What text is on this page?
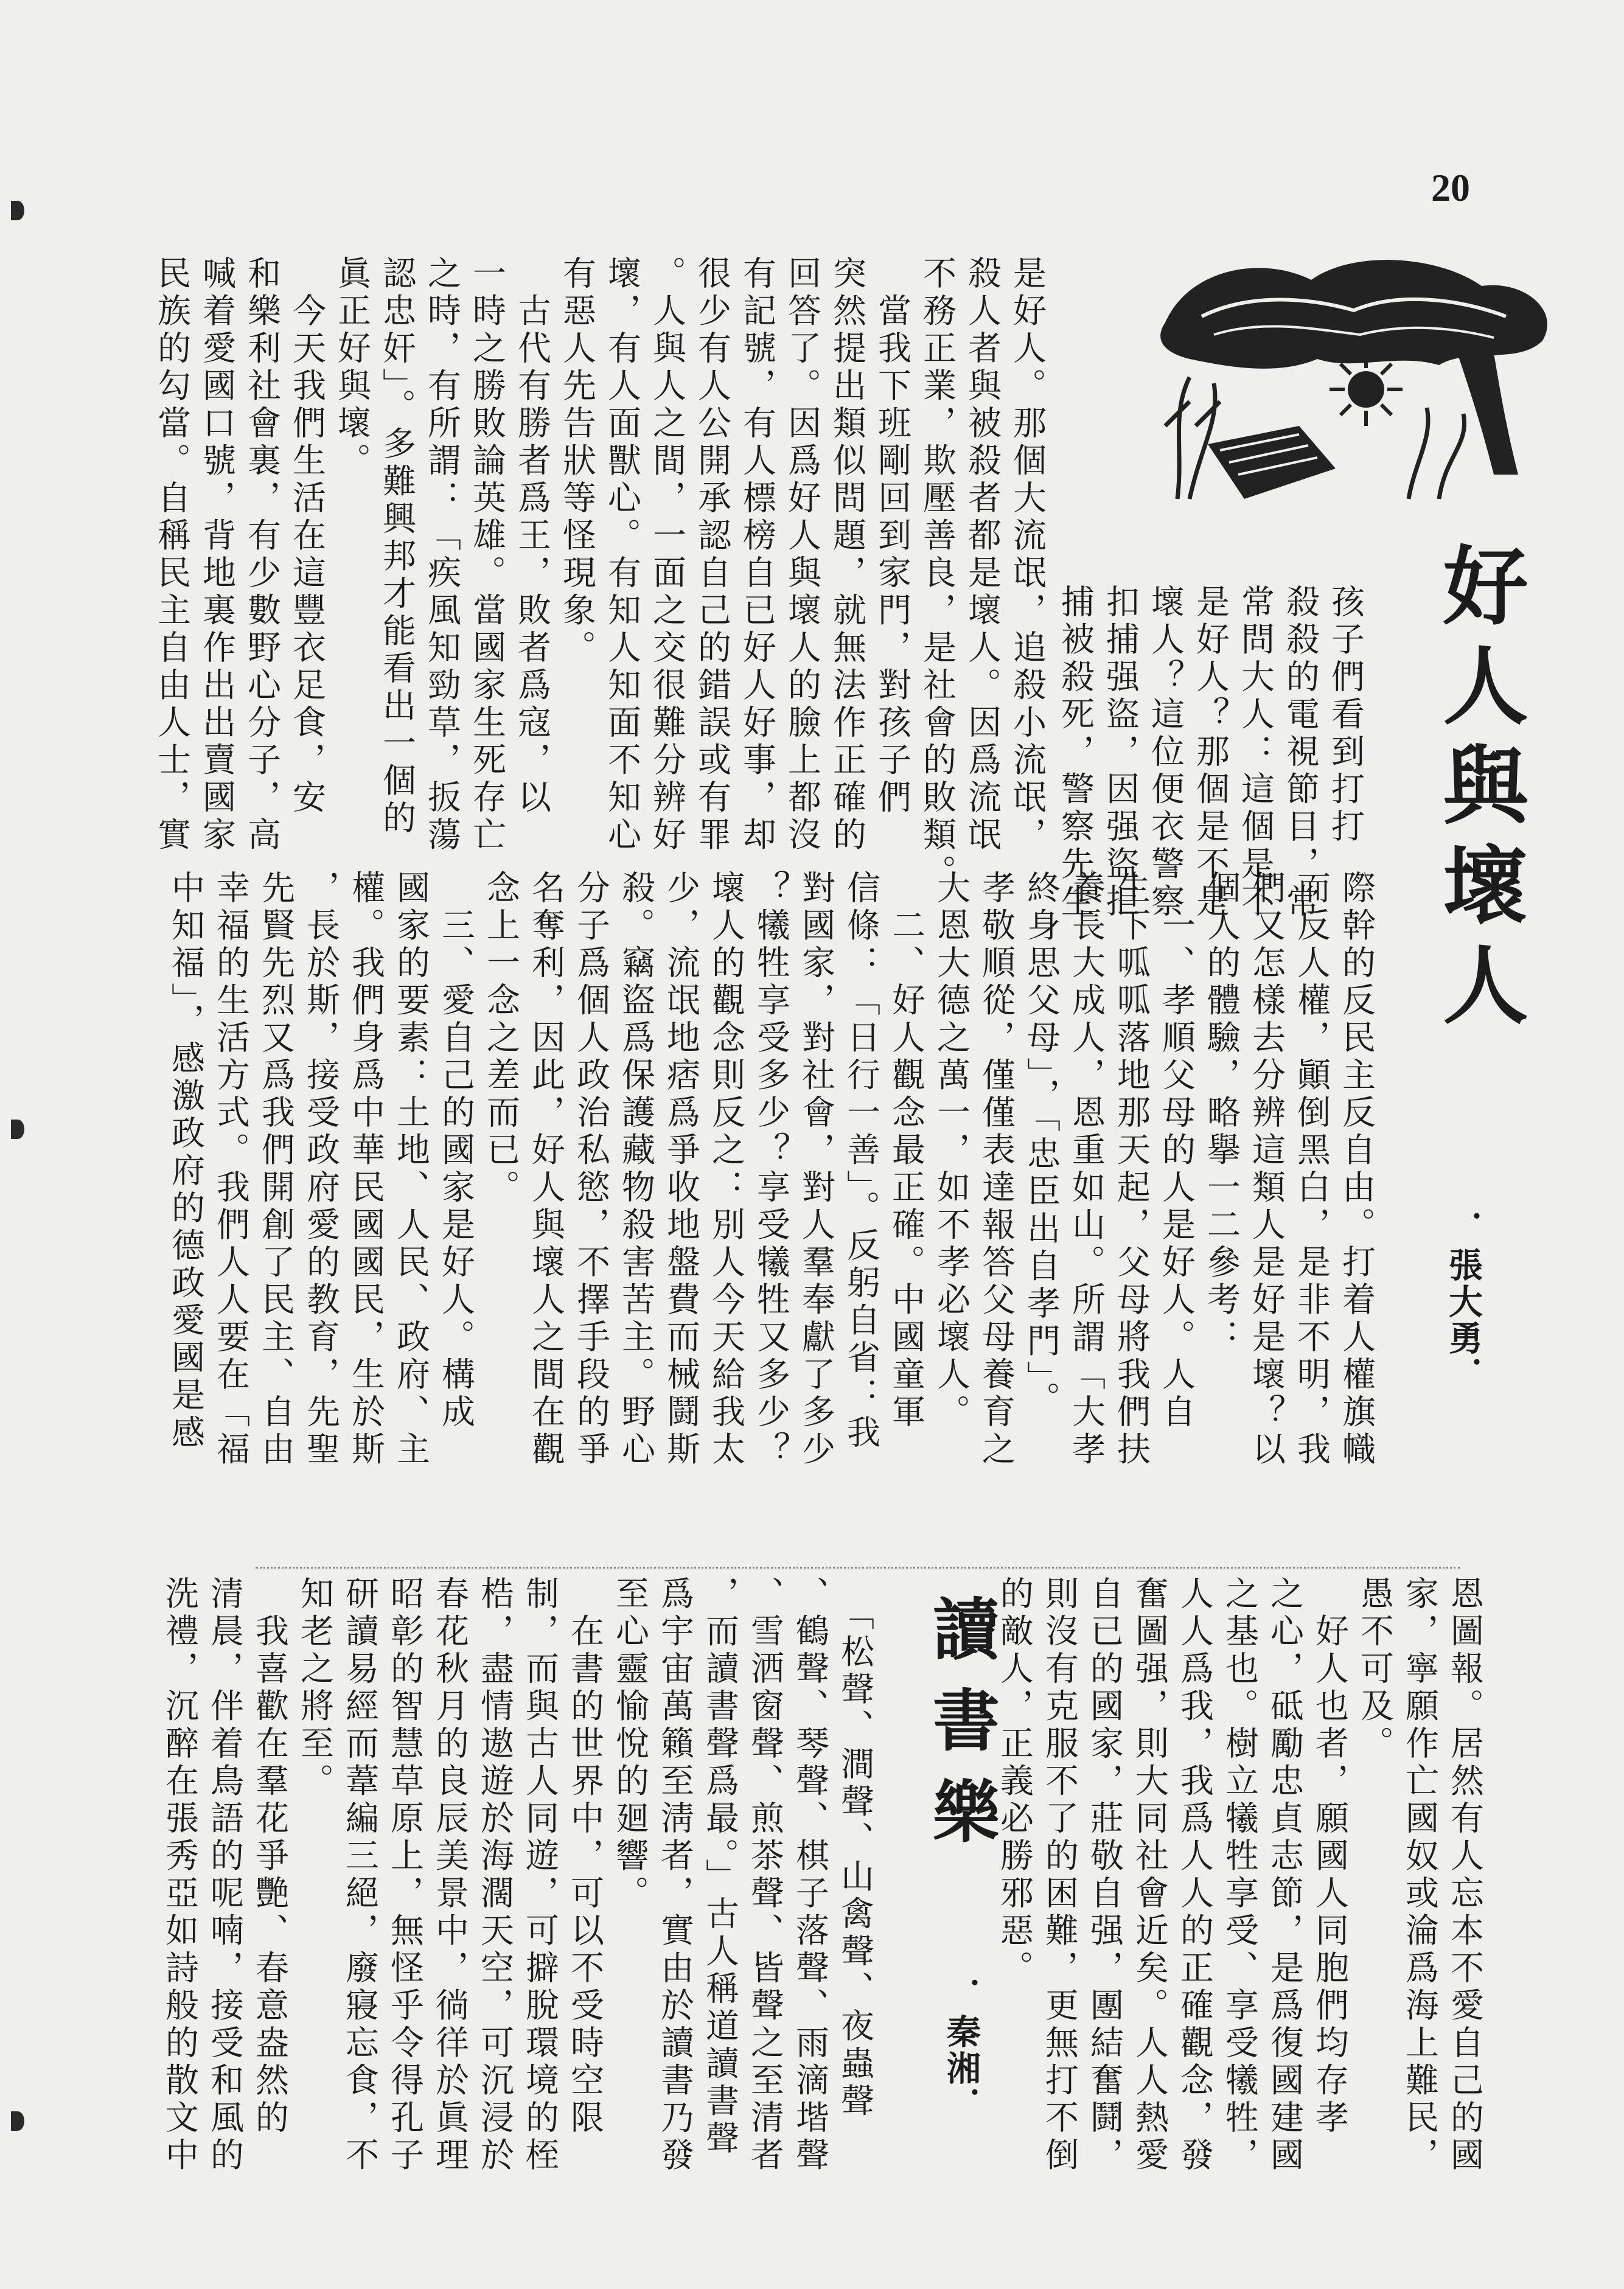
20
好人與壞人
．張大勇．
孩子們看到打打
殺殺的電視節目，常
常問大人：這個是不
是好人？那個是不是
壞人？這位便衣警察
扣捕强盜，因强盜拒
捕被殺死，警察先生
是好人。那個大流氓，追殺小流氓，
殺人者與被殺者都是壞人。因爲流氓
不務正業，欺壓善良，是社會的敗類。
　當我下班剛回到家門，對孩子們
突然提出類似問題，就無法作正確的
回答了。因爲好人與壞人的臉上都沒
有記號，有人標榜自已好人好事，却
很少有人公開承認自己的錯誤或有罪
。人與人之間，一面之交很難分辨好
壞，有人面獸心。有知人知面不知心
有惡人先告狀等怪現象。
　古代有勝者爲王，敗者爲寇，以
一時之勝敗論英雄。當國家生死存亡
之時，有所謂：「疾風知勁草，扳蕩
認忠奸」。多難興邦才能看出一個的
眞正好與壞。
　今天我們生活在這豐衣足食，安
和樂利社會裏，有少數野心分子，高
喊着愛國口號，背地裏作出出賣國家
民族的勾當。自稱民主自由人士，實
際幹的反民主反自由。打着人權旗幟
而反人權，顚倒黑白，是非不明，我
們又怎樣去分辨這類人是好是壞？以
個人的體驗，略擧一二參考：
　一、孝順父母的人是好人。人自
生下呱呱落地那天起，父母將我們扶
養長大成人，恩重如山。所謂「大孝
終身思父母」，「忠臣出自孝門」。
孝敬順從，僅僅表達報答父母養育之
大恩大德之萬一，如不孝必壞人。
　二、好人觀念最正確。中國童軍
信條：「日行一善」。反躬自省：我
對國家，對社會，對人羣奉獻了多少
？犧牲享受多少？享受犧牲又多少？
壞人的觀念則反之：別人今天給我太
少，流氓地痞爲爭收地盤費而械鬪斯
殺。竊盜爲保護藏物殺害苦主。野心
分子爲個人政治私慾，不擇手段的爭
名奪利，因此，好人與壞人之間在觀
念上一念之差而已。
　三、愛自己的國家是好人。構成
國家的要素：土地、人民、政府、主
權。我們身爲中華民國國民，生於斯
，長於斯，接受政府愛的教育，先聖
先賢先烈又爲我們開創了民主、自由
幸福的生活方式。我們人人要在「福
中知福」，感激政府的德政愛國是感
恩圖報。居然有人忘本不愛自己的國
家，寧願作亡國奴或淪爲海上難民，
愚不可及。
　好人也者，願國人同胞們均存孝
之心，砥勵忠貞志節，是爲復國建國
之基也。樹立犧牲享受、享受犧牲，
人人爲我，我爲人人的正確觀念，發
奮圖强，則大同社會近矣。人人熱愛
自已的國家，莊敬自强，團結奮鬪，
則沒有克服不了的困難，更無打不倒
的敵人，正義必勝邪惡。
讀書樂
．秦湘．
　「松聲、澗聲、山禽聲、夜蟲聲
、鶴聲、琴聲、棋子落聲、雨滴堦聲
、雪洒窗聲、煎茶聲、皆聲之至清者
，而讀書聲爲最。」古人稱道讀書聲
爲宇宙萬籟至淸者，實由於讀書乃發
至心靈愉悅的廻響。
　在書的世界中，可以不受時空限
制，而與古人同遊，可擗脫環境的桎
梏，盡情遨遊於海濶天空，可沉浸於
春花秋月的良辰美景中，徜徉於眞理
昭彰的智慧草原上，無怪乎令得孔子
研讀易經而葦編三絕，廢寢忘食，不
知老之將至。
　我喜歡在羣花爭艷、春意盎然的
清晨，伴着鳥語的呢喃，接受和風的
洗禮，沉醉在張秀亞如詩般的散文中
